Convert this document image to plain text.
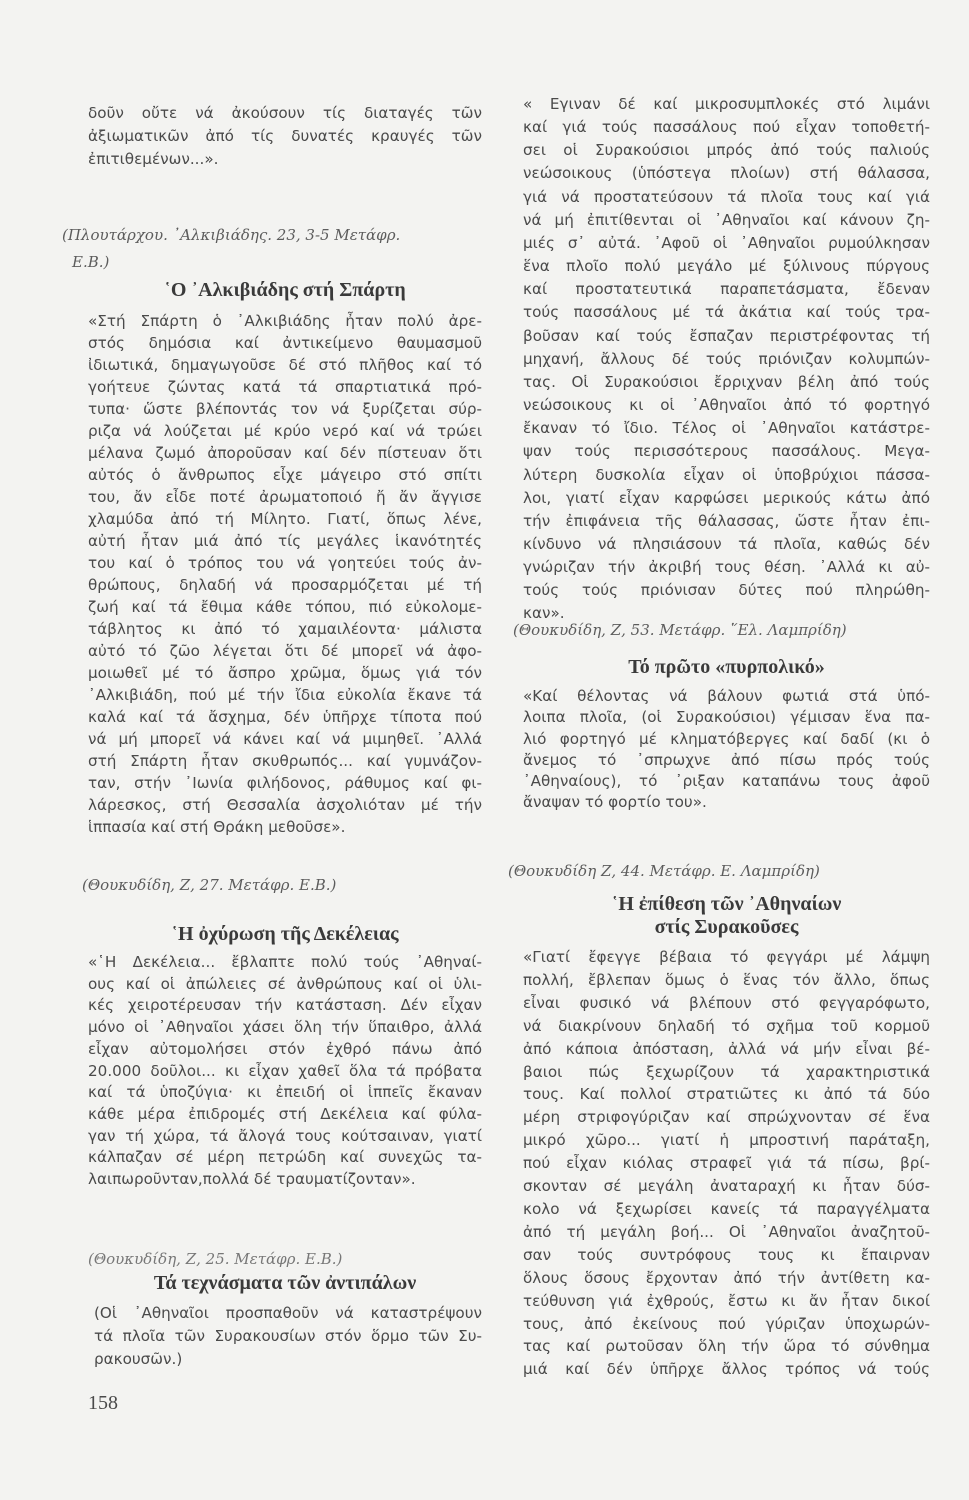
δοῦν οὔτε νά ἀκούσουν τίς διαταγές τῶν
ἀξιωματικῶν ἀπό τίς δυνατές κραυγές τῶν
ἐπιτιθεμένων...».
(Πλουτάρχου. ᾿Αλκιβιάδης. 23, 3-5 Μετάφρ.
Ε.Β.)
῾Ο ᾿Αλκιβιάδης στή Σπάρτη
«Στή Σπάρτη ὁ ᾿Αλκιβιάδης ἦταν πολύ ἀρε-
στός δημόσια καί ἀντικείμενο θαυμασμοῦ
ἰδιωτικά, δημαγωγοῦσε δέ στό πλῆθος καί τό
γοήτευε ζώντας κατά τά σπαρτιατικά πρό-
τυπα· ὥστε βλέποντάς τον νά ξυρίζεται σύρ-
ριζα νά λούζεται μέ κρύο νερό καί νά τρώει
μέλανα ζωμό ἀποροῦσαν καί δέν πίστευαν ὅτι
αὐτός ὁ ἄνθρωπος εἶχε μάγειρο στό σπίτι
του, ἄν εἶδε ποτέ ἀρωματοποιό ἤ ἄν ἄγγισε
χλαμύδα ἀπό τή Μίλητο. Γιατί, ὅπως λένε,
αὐτή ἦταν μιά ἀπό τίς μεγάλες ἱκανότητές
του καί ὁ τρόπος του νά γοητεύει τούς ἀν-
θρώπους, δηλαδή νά προσαρμόζεται μέ τή
ζωή καί τά ἔθιμα κάθε τόπου, πιό εὐκολομε-
τάβλητος κι ἀπό τό χαμαιλέοντα· μάλιστα
αὐτό τό ζῶο λέγεται ὅτι δέ μπορεῖ νά ἀφο-
μοιωθεῖ μέ τό ἄσπρο χρῶμα, ὅμως γιά τόν
᾿Αλκιβιάδη, πού μέ τήν ἴδια εὐκολία ἔκανε τά
καλά καί τά ἄσχημα, δέν ὑπῆρχε τίποτα πού
νά μή μπορεῖ νά κάνει καί νά μιμηθεῖ. ᾿Αλλά
στή Σπάρτη ἦταν σκυθρωπός... καί γυμνάζον-
ταν, στήν ᾿Ιωνία φιλήδονος, ράθυμος καί φι-
λάρεσκος, στή Θεσσαλία ἀσχολιόταν μέ τήν
ἱππασία καί στή Θράκη μεθοῦσε».
(Θουκυδίδη, Ζ, 27. Μετάφρ. Ε.Β.)
῾Η ὀχύρωση τῆς Δεκέλειας
«῾Η Δεκέλεια... ἔβλαπτε πολύ τούς ᾿Αθηναί-
ους καί οἱ ἀπώλειες σέ ἀνθρώπους καί οἱ ὑλι-
κές χειροτέρευσαν τήν κατάσταση. Δέν εἶχαν
μόνο οἱ ᾿Αθηναῖοι χάσει ὅλη τήν ὕπαιθρο, ἀλλά
εἶχαν αὐτομολήσει στόν ἐχθρό πάνω ἀπό
20.000 δοῦλοι... κι εἶχαν χαθεῖ ὅλα τά πρόβατα
καί τά ὑποζύγια· κι ἐπειδή οἱ ἱππεῖς ἔκαναν
κάθε μέρα ἐπιδρομές στή Δεκέλεια καί φύλα-
γαν τή χώρα, τά ἄλογά τους κούτσαιναν, γιατί
κάλπαζαν σέ μέρη πετρώδη καί συνεχῶς τα-
λαιπωροῦνταν,πολλά δέ τραυματίζονταν».
(Θουκυδίδη, Ζ, 25. Μετάφρ. Ε.Β.)
Τά τεχνάσματα τῶν ἀντιπάλων
(Οἱ ᾿Αθηναῖοι προσπαθοῦν νά καταστρέψουν
τά πλοῖα τῶν Συρακουσίων στόν ὅρμο τῶν Συ-
ρακουσῶν.)
158
« Εγιναν δέ καί μικροσυμπλοκές στό λιμάνι
καί γιά τούς πασσάλους πού εἶχαν τοποθετή-
σει οἱ Συρακούσιοι μπρός ἀπό τούς παλιούς
νεώσοικους (ὑπόστεγα πλοίων) στή θάλασσα,
γιά νά προστατεύσουν τά πλοῖα τους καί γιά
νά μή ἐπιτίθενται οἱ ᾿Αθηναῖοι καί κάνουν ζη-
μιές σ᾿ αὐτά. ᾿Αφοῦ οἱ ᾿Αθηναῖοι ρυμούλκησαν
ἕνα πλοῖο πολύ μεγάλο μέ ξύλινους πύργους
καί προστατευτικά παραπετάσματα, ἔδεναν
τούς πασσάλους μέ τά ἀκάτια καί τούς τρα-
βοῦσαν καί τούς ἔσπαζαν περιστρέφοντας τή
μηχανή, ἄλλους δέ τούς πριόνιζαν κολυμπών-
τας. Οἱ Συρακούσιοι ἔρριχναν βέλη ἀπό τούς
νεώσοικους κι οἱ ᾿Αθηναῖοι ἀπό τό φορτηγό
ἔκαναν τό ἴδιο. Τέλος οἱ ᾿Αθηναῖοι κατάστρε-
ψαν τούς περισσότερους πασσάλους. Μεγα-
λύτερη δυσκολία εἶχαν οἱ ὑποβρύχιοι πάσσα-
λοι, γιατί εἶχαν καρφώσει μερικούς κάτω ἀπό
τήν ἐπιφάνεια τῆς θάλασσας, ὥστε ἦταν ἐπι-
κίνδυνο νά πλησιάσουν τά πλοῖα, καθώς δέν
γνώριζαν τήν ἀκριβή τους θέση. ᾿Αλλά κι αὐ-
τούς τούς πριόνισαν δύτες πού πληρώθη-
καν».
(Θουκυδίδη, Ζ, 53. Μετάφρ. ῞Ελ. Λαμπρίδη)
Τό πρῶτο «πυρπολικό»
«Καί θέλοντας νά βάλουν φωτιά στά ὑπό-
λοιπα πλοῖα, (οἱ Συρακούσιοι) γέμισαν ἕνα πα-
λιό φορτηγό μέ κληματόβεργες καί δαδί (κι ὁ
ἄνεμος τό ᾿σπρωχνε ἀπό πίσω πρός τούς
᾿Αθηναίους), τό ᾿ριξαν καταπάνω τους ἀφοῦ
ἄναψαν τό φορτίο του».
(Θουκυδίδη Ζ, 44. Μετάφρ. Ε. Λαμπρίδη)
῾Η ἐπίθεση τῶν ᾿Αθηναίων
στίς Συρακοῦσες
«Γιατί ἔφεγγε βέβαια τό φεγγάρι μέ λάμψη
πολλή, ἔβλεπαν ὅμως ὁ ἕνας τόν ἄλλο, ὅπως
εἶναι φυσικό νά βλέπουν στό φεγγαρόφωτο,
νά διακρίνουν δηλαδή τό σχῆμα τοῦ κορμοῦ
ἀπό κάποια ἀπόσταση, ἀλλά νά μήν εἶναι βέ-
βαιοι πώς ξεχωρίζουν τά χαρακτηριστικά
τους. Καί πολλοί στρατιῶτες κι ἀπό τά δύο
μέρη στριφογύριζαν καί σπρώχνονταν σέ ἕνα
μικρό χῶρο... γιατί ἡ μπροστινή παράταξη,
πού εἶχαν κιόλας στραφεῖ γιά τά πίσω, βρί-
σκονταν σέ μεγάλη ἀναταραχή κι ἦταν δύσ-
κολο νά ξεχωρίσει κανείς τά παραγγέλματα
ἀπό τή μεγάλη βοή... Οἱ ᾿Αθηναῖοι ἀναζητοῦ-
σαν τούς συντρόφους τους κι ἔπαιρναν
ὅλους ὅσους ἔρχονταν ἀπό τήν ἀντίθετη κα-
τεύθυνση γιά ἐχθρούς, ἔστω κι ἄν ἦταν δικοί
τους, ἀπό ἐκείνους πού γύριζαν ὑποχωρών-
τας καί ρωτοῦσαν ὅλη τήν ὥρα τό σύνθημα
μιά καί δέν ὑπῆρχε ἄλλος τρόπος νά τούς
